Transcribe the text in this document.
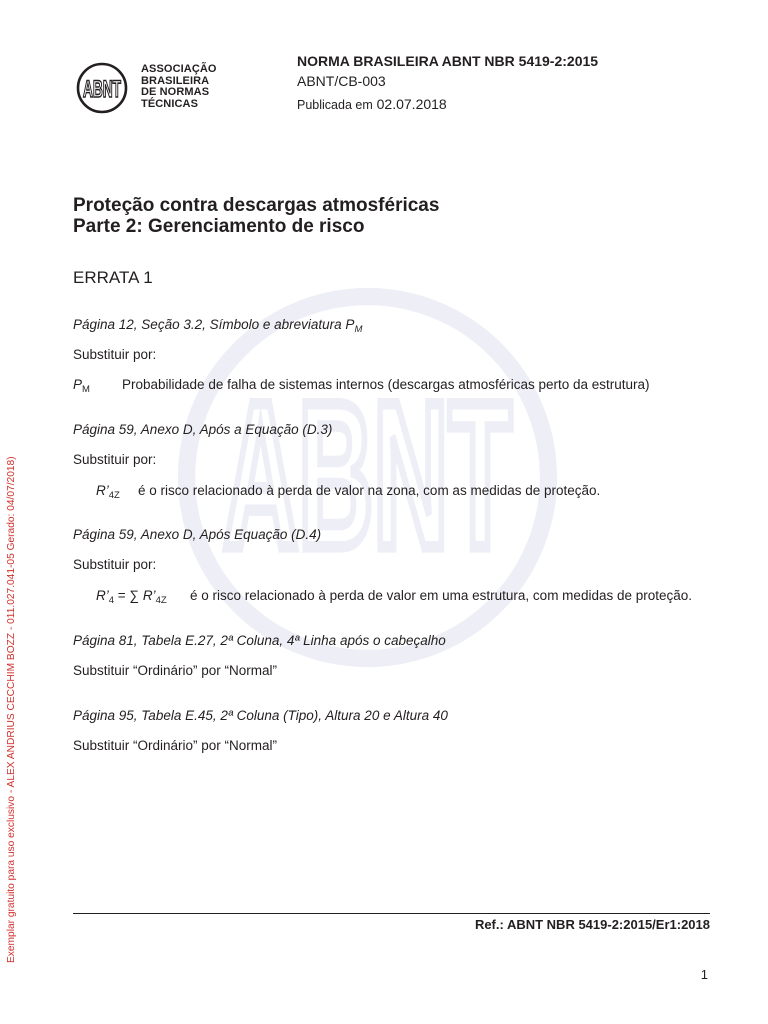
ABNT
ABNT
ASSOCIAÇÃO
BRASILEIRA
DE NORMAS
TÉCNICAS
NORMA BRASILEIRA ABNT NBR 5419-2:2015
ABNT/CB-003
Publicada em 02.07.2018
Proteção contra descargas atmosféricas
Parte 2: Gerenciamento de risco
ERRATA 1
Página 12, Seção 3.2, Símbolo e abreviatura $P_M$
Substituir por:
$P_M$ Probabilidade de falha de sistemas internos (descargas atmosféricas perto da estrutura)
Página 59, Anexo D, Após a Equação (D.3)
Substituir por:
$R’_{4Z}$ é o risco relacionado à perda de valor na zona, com as medidas de proteção.
Página 59, Anexo D, Após Equação (D.4)
Substituir por:
$R’_4$ = ∑ $R’_{4Z}$ é o risco relacionado à perda de valor em uma estrutura, com medidas de proteção.
Página 81, Tabela E.27, 2ª Coluna, 4ª Linha após o cabeçalho
Substituir “Ordinário” por “Normal”
Página 95, Tabela E.45, 2ª Coluna (Tipo), Altura 20 e Altura 40
Substituir “Ordinário” por “Normal”
Ref.: ABNT NBR 5419-2:2015/Er1:2018
1
Exemplar gratuito para uso exclusivo - ALEX ANDRIUS CECCHIM BOZZ - 011.027.041-05 Gerado: 04/07/2018)
